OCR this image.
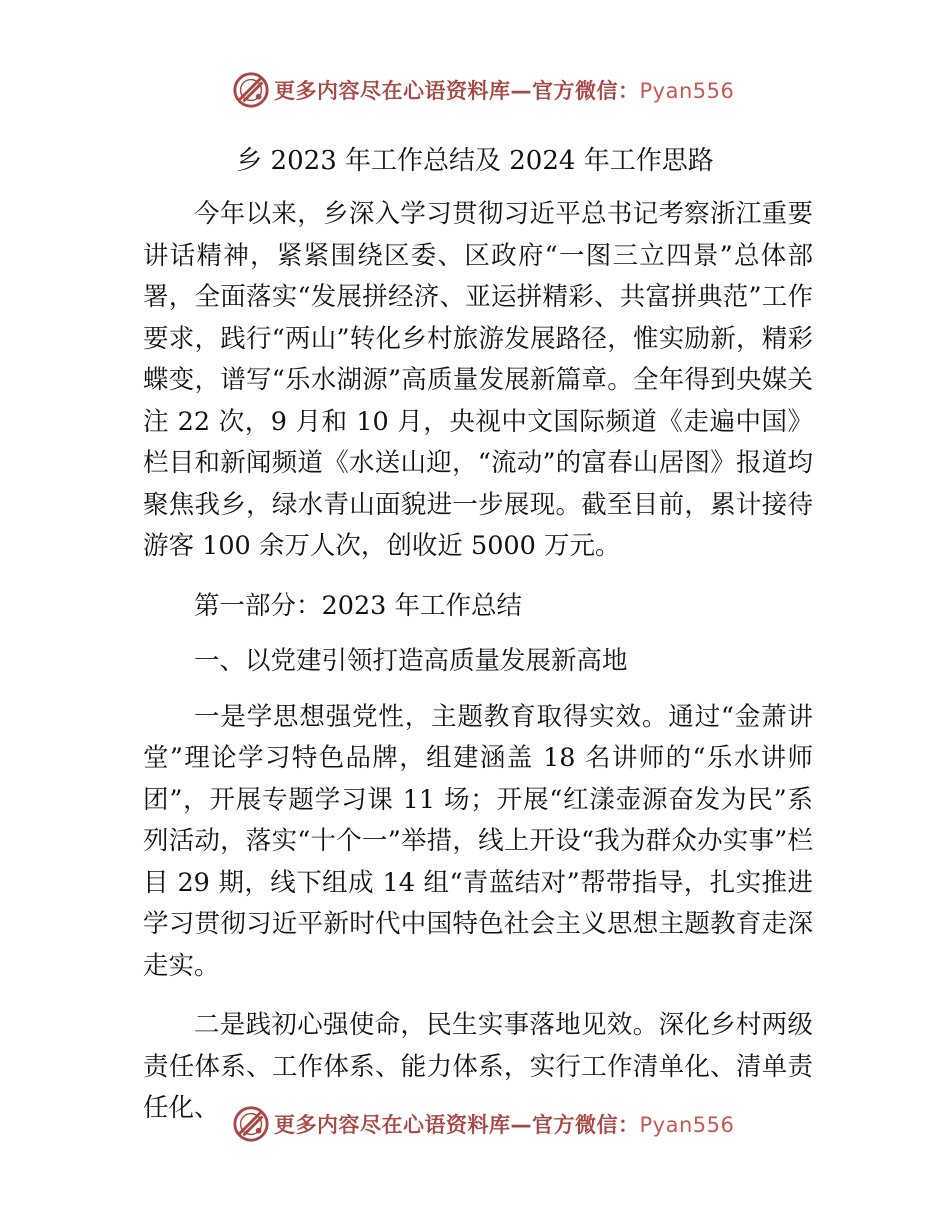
更多内容尽在心语资料库—官方微信：Pyan556
乡 2023 年工作总结及 2024 年工作思路

今年以来，乡深入学习贯彻习近平总书记考察浙江重要讲话精神，紧紧围绕区委、区政府“一图三立四景”总体部署，全面落实“发展拼经济、亚运拼精彩、共富拼典范”工作要求，践行“两山”转化乡村旅游发展路径，惟实励新，精彩蝶变，谱写“乐水湖源”高质量发展新篇章。全年得到央媒关注 22 次，9 月和 10 月，央视中文国际频道《走遍中国》栏目和新闻频道《水送山迎，“流动”的富春山居图》报道均聚焦我乡，绿水青山面貌进一步展现。截至目前，累计接待游客 100 余万人次，创收近 5000 万元。

第一部分：2023 年工作总结

一、以党建引领打造高质量发展新高地

一是学思想强党性，主题教育取得实效。通过“金萧讲堂”理论学习特色品牌，组建涵盖 18 名讲师的“乐水讲师团”，开展专题学习课 11 场；开展“红漾壶源奋发为民”系列活动，落实“十个一”举措，线上开设“我为群众办实事”栏目 29 期，线下组成 14 组“青蓝结对”帮带指导，扎实推进学习贯彻习近平新时代中国特色社会主义思想主题教育走深走实。

二是践初心强使命，民生实事落地见效。深化乡村两级责任体系、工作体系、能力体系，实行工作清单化、清单责任化、

更多内容尽在心语资料库—官方微信：Pyan556
